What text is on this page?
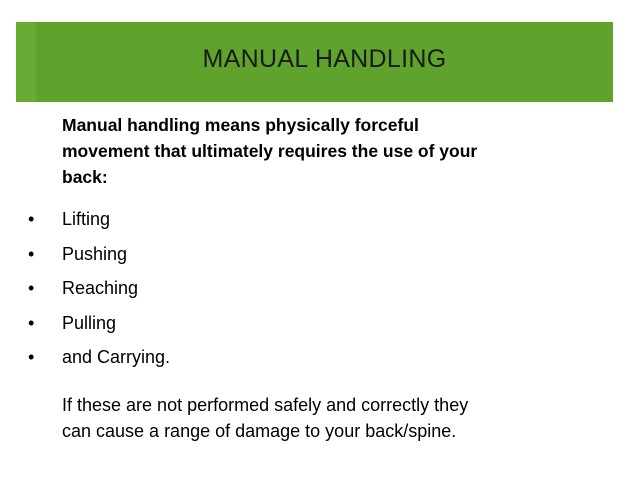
MANUAL HANDLING
Manual handling means physically forceful
movement that ultimately requires the use of your
back:
• Lifting
• Pushing
• Reaching
• Pulling
• and Carrying.
If these are not performed safely and correctly they
can cause a range of damage to your back/spine.
